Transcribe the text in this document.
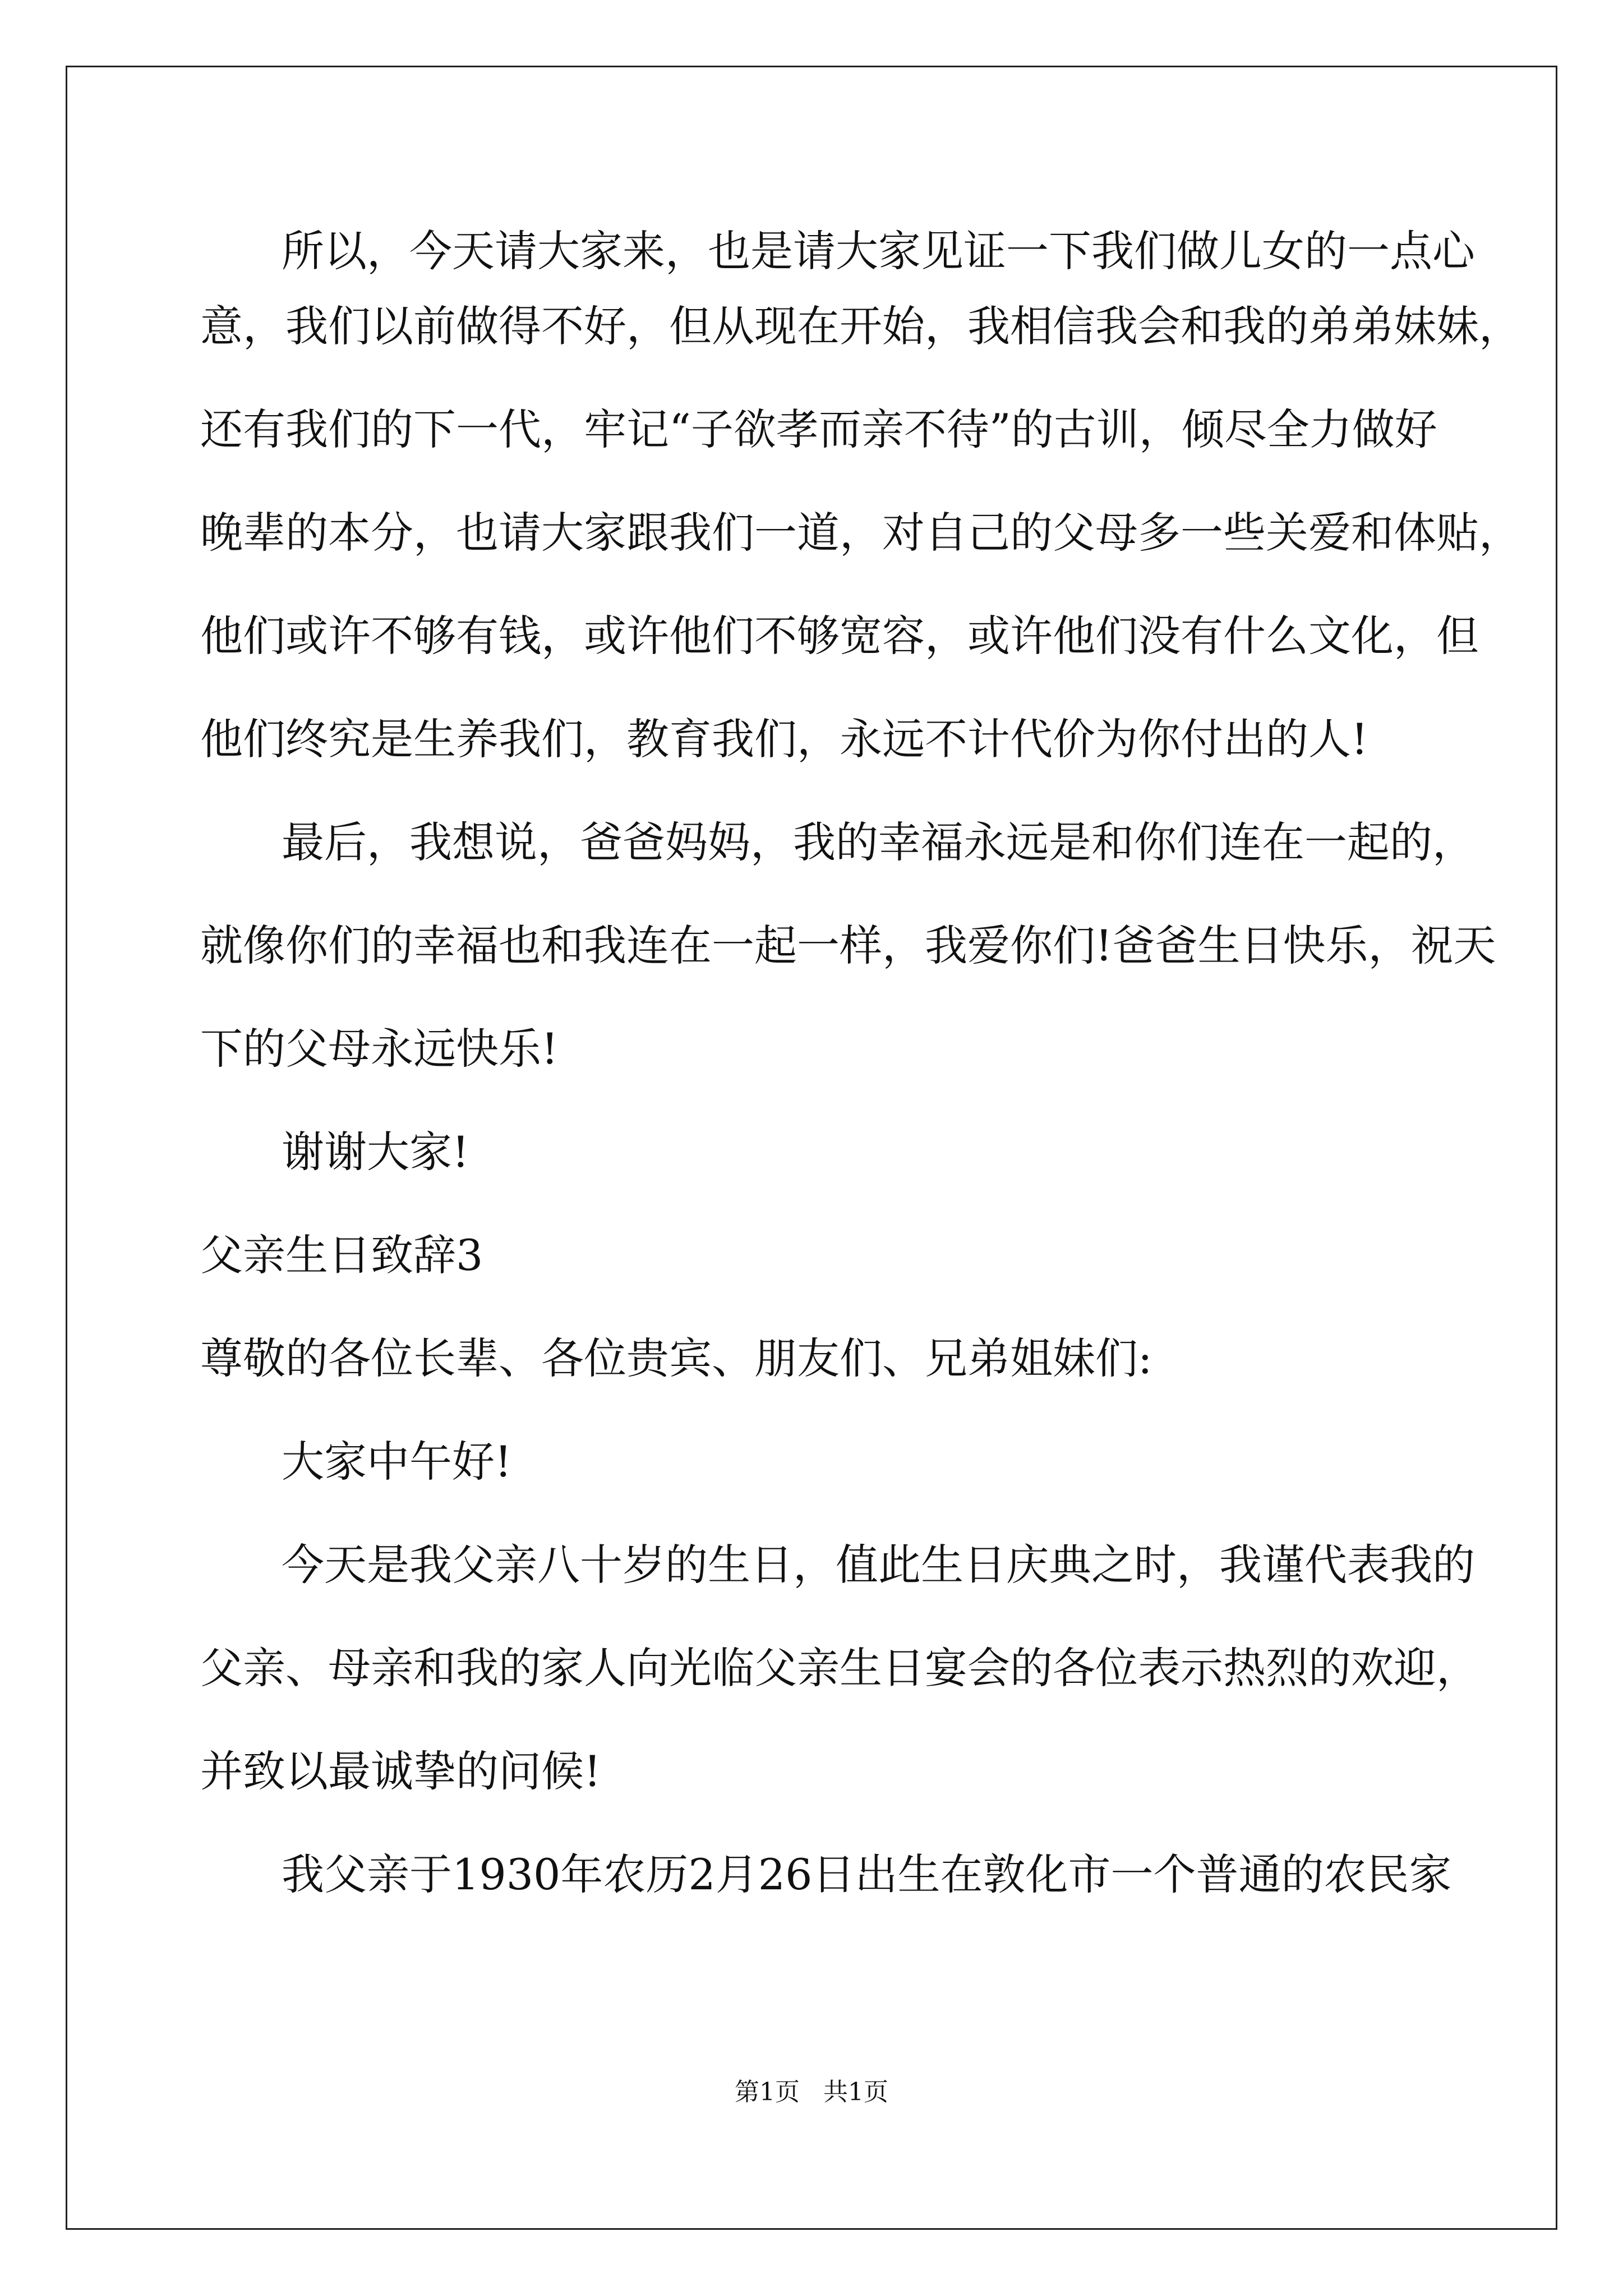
所以，今天请大家来，也是请大家见证一下我们做儿女的一点心
意，我们以前做得不好，但从现在开始，我相信我会和我的弟弟妹妹，
还有我们的下一代，牢记“子欲孝而亲不待”的古训，倾尽全力做好
晚辈的本分，也请大家跟我们一道，对自己的父母多一些关爱和体贴，
他们或许不够有钱，或许他们不够宽容，或许他们没有什么文化，但
他们终究是生养我们，教育我们，永远不计代价为你付出的人!
最后，我想说，爸爸妈妈，我的幸福永远是和你们连在一起的，
就像你们的幸福也和我连在一起一样，我爱你们!爸爸生日快乐，祝天
下的父母永远快乐!
谢谢大家!
父亲生日致辞3
尊敬的各位长辈、各位贵宾、朋友们、兄弟姐妹们:
大家中午好!
今天是我父亲八十岁的生日，值此生日庆典之时，我谨代表我的
父亲、母亲和我的家人向光临父亲生日宴会的各位表示热烈的欢迎，
并致以最诚挚的问候!
我父亲于1930年农历2月26日出生在敦化市一个普通的农民家
第1页   共1页
